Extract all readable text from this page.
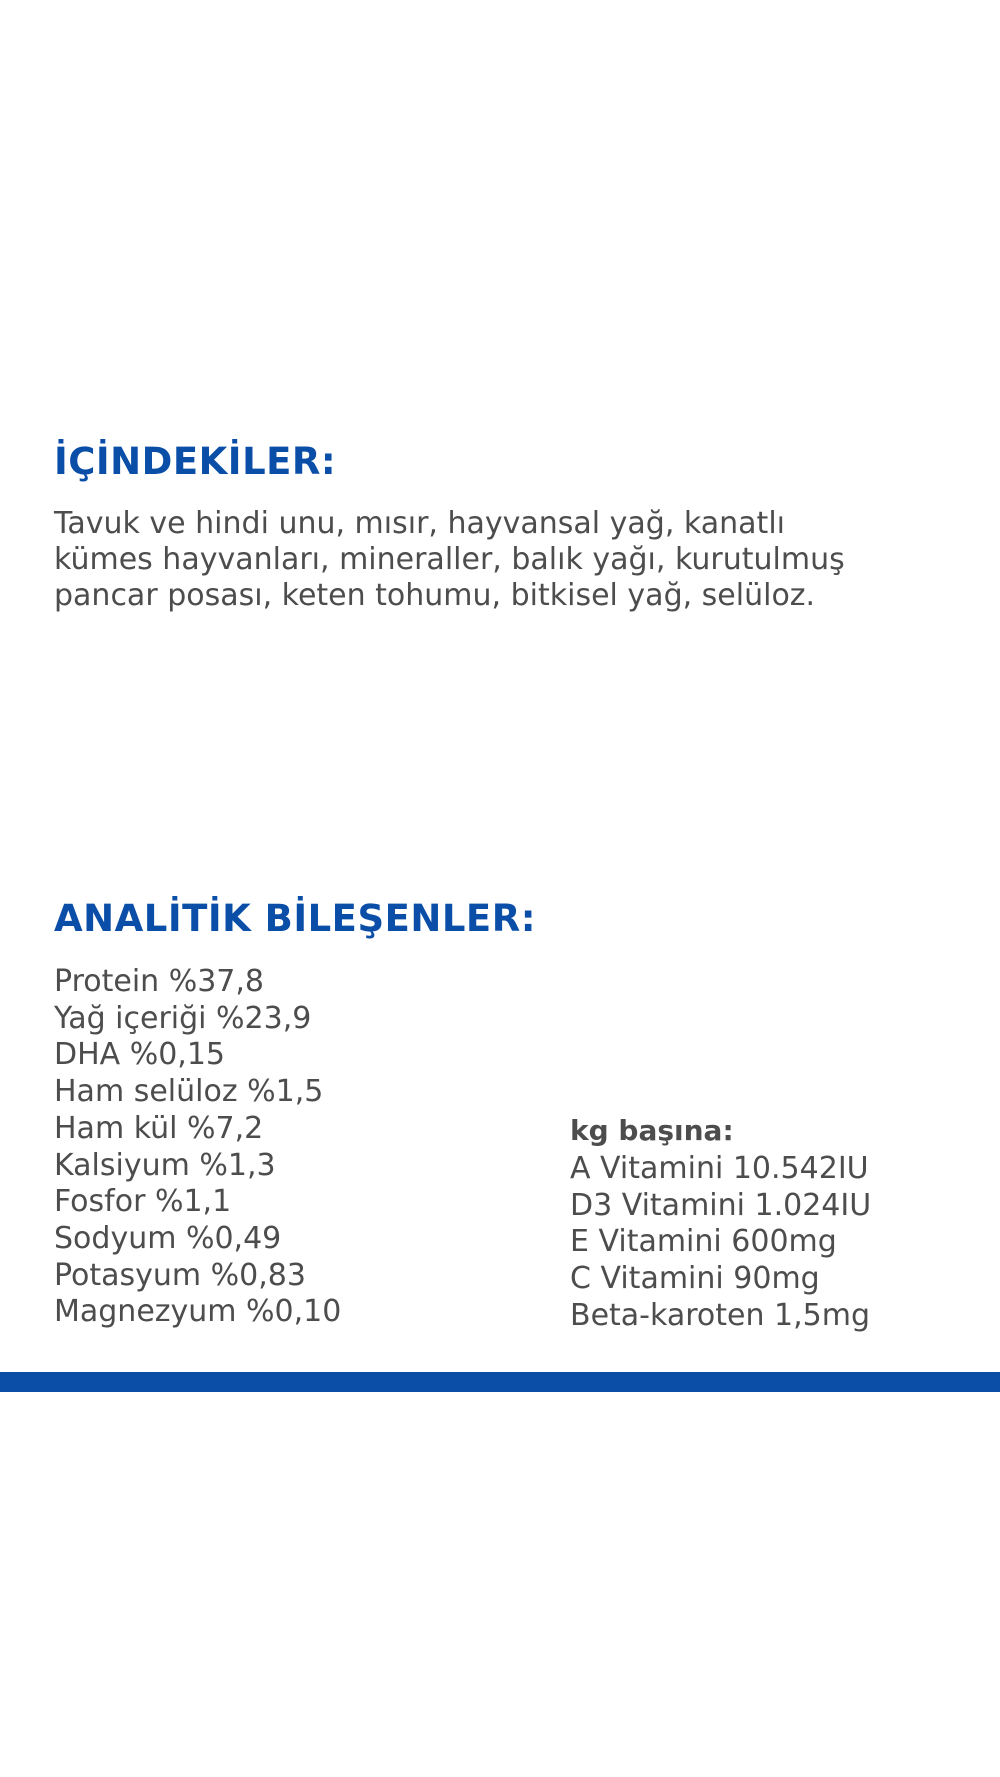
İÇİNDEKİLER:

Tavuk ve hindi unu, mısır, hayvansal yağ, kanatlı
kümes hayvanları, mineraller, balık yağı, kurutulmuş
pancar posası, keten tohumu, bitkisel yağ, selüloz.

ANALİTİK BİLEŞENLER:
Protein %37,8
Yağ içeriği %23,9
DHA %0,15
Ham selüloz %1,5
Ham kül %7,2
Kalsiyum %1,3
Fosfor %1,1
Sodyum %0,49
Potasyum %0,83
Magnezyum %0,10

kg başına:

A Vitamini 10.542IU
D3 Vitamini 1.024IU
E Vitamini 600mg
C Vitamini 90mg
Beta-karoten 1,5mg
